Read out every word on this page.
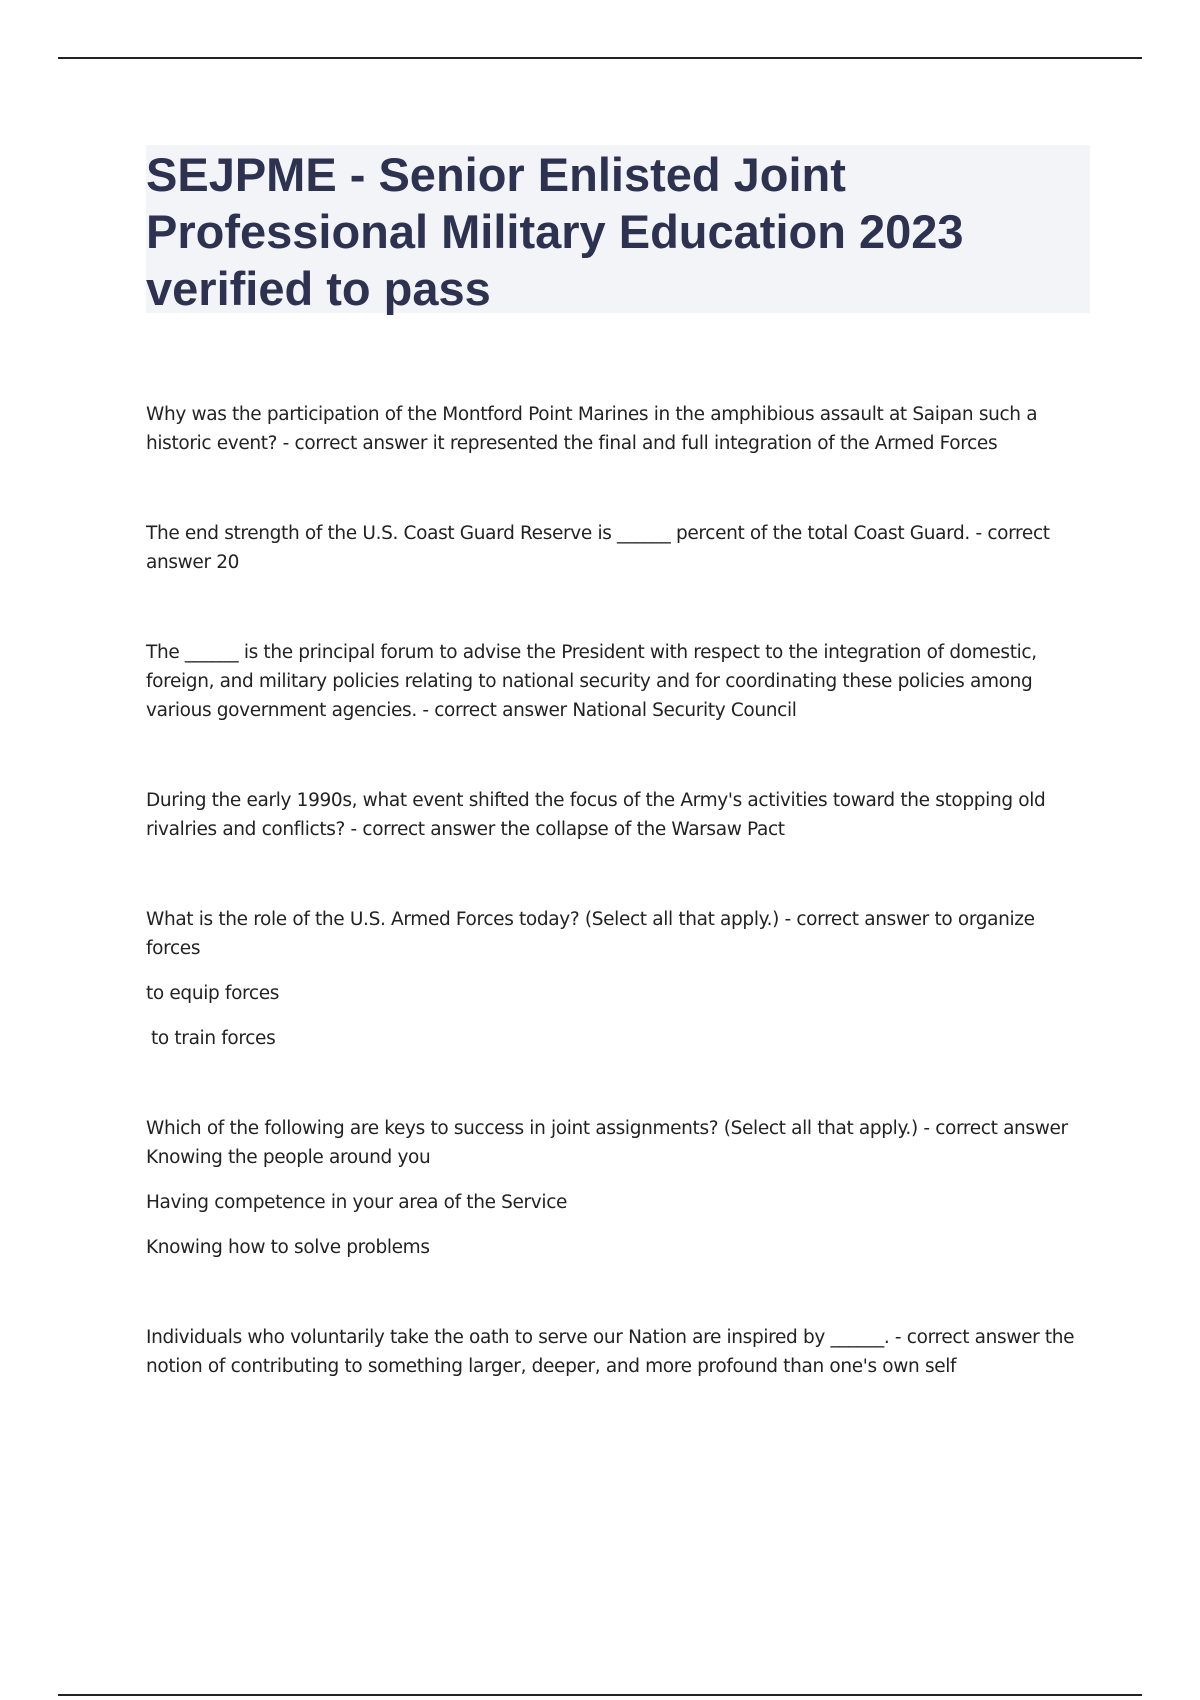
SEJPME - Senior Enlisted Joint Professional Military Education 2023 verified to pass

Why was the participation of the Montford Point Marines in the amphibious assault at Saipan such a historic event? - correct answer it represented the final and full integration of the Armed Forces

The end strength of the U.S. Coast Guard Reserve is ______ percent of the total Coast Guard. - correct answer 20

The ______ is the principal forum to advise the President with respect to the integration of domestic, foreign, and military policies relating to national security and for coordinating these policies among various government agencies. - correct answer National Security Council

During the early 1990s, what event shifted the focus of the Army's activities toward the stopping old rivalries and conflicts? - correct answer the collapse of the Warsaw Pact

What is the role of the U.S. Armed Forces today? (Select all that apply.) - correct answer to organize forces

to equip forces

to train forces

Which of the following are keys to success in joint assignments? (Select all that apply.) - correct answer Knowing the people around you

Having competence in your area of the Service

Knowing how to solve problems

Individuals who voluntarily take the oath to serve our Nation are inspired by ______. - correct answer the notion of contributing to something larger, deeper, and more profound than one's own self
